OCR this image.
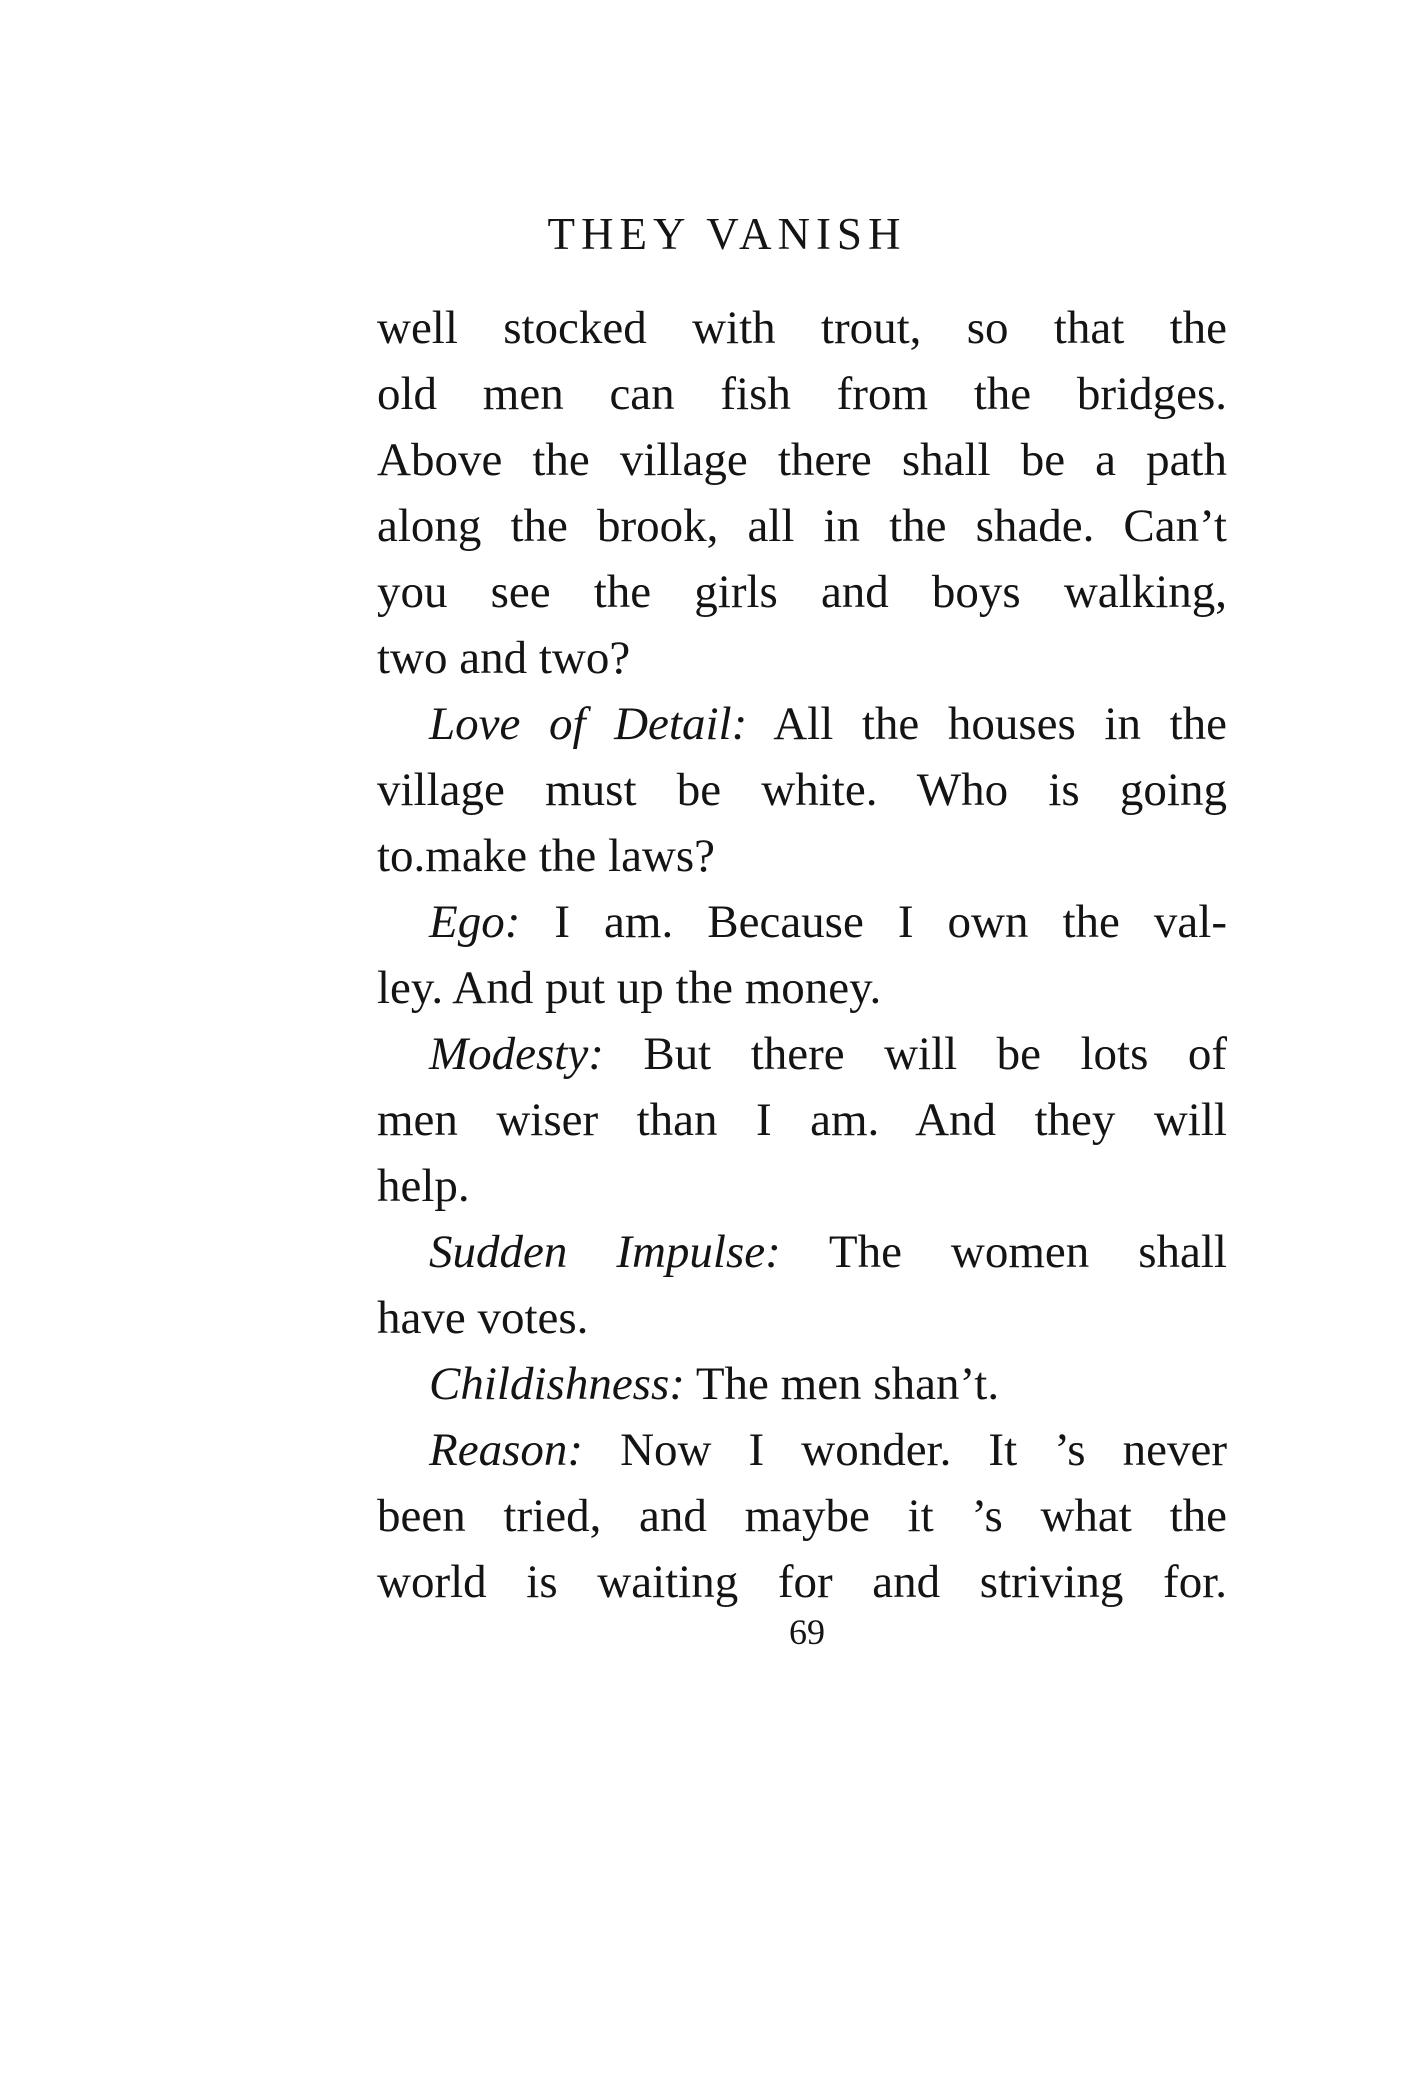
THEY VANISH
well stocked with trout, so that the
old men can fish from the bridges.
Above the village there shall be a path
along the brook, all in the shade. Can’t
you see the girls and boys walking,
two and two?
Love of Detail: All the houses in the
village must be white. Who is going
to.make the laws?
Ego: I am. Because I own the val-
ley. And put up the money.
Modesty: But there will be lots of
men wiser than I am. And they will
help.
Sudden Impulse: The women shall
have votes.
Childishness: The men shan’t.
Reason: Now I wonder. It ’s never
been tried, and maybe it ’s what the
world is waiting for and striving for.
69
